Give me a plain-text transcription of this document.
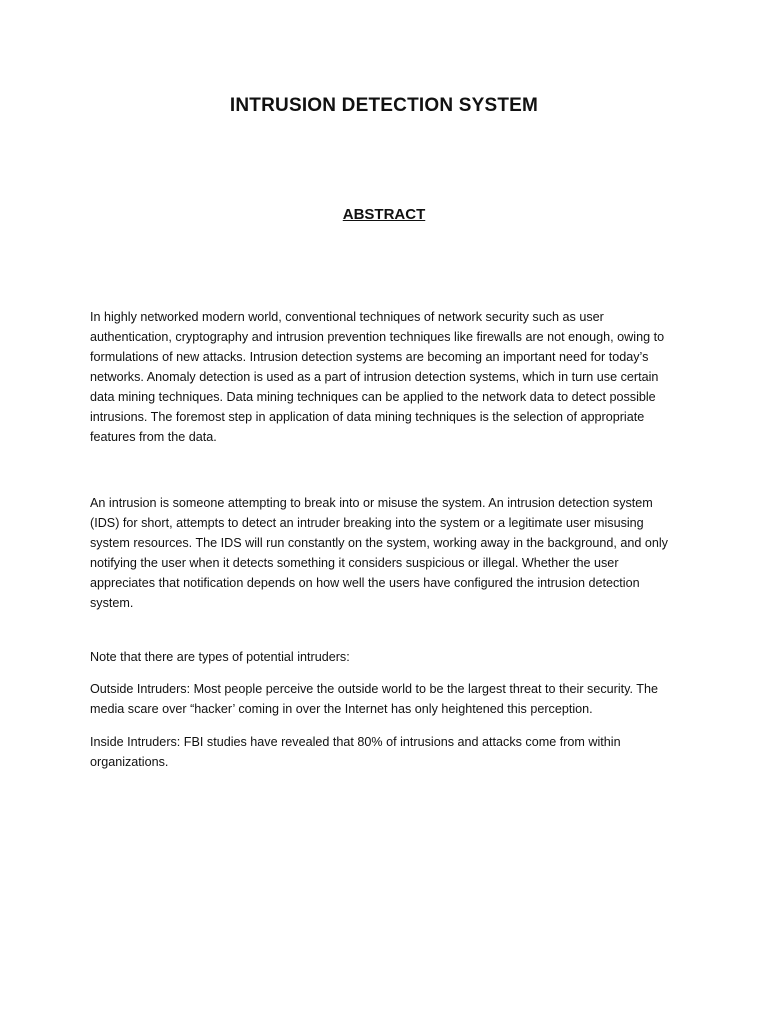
INTRUSION DETECTION SYSTEM
ABSTRACT

In highly networked modern world, conventional techniques of network security such as user authentication, cryptography and intrusion prevention techniques like firewalls are not enough, owing to formulations of new attacks. Intrusion detection systems are becoming an important need for today’s networks. Anomaly detection is used as a part of intrusion detection systems, which in turn use certain data mining techniques. Data mining techniques can be applied to the network data to detect possible intrusions. The foremost step in application of data mining techniques is the selection of appropriate features from the data.

An intrusion is someone attempting to break into or misuse the system. An intrusion detection system (IDS) for short, attempts to detect an intruder breaking into the system or a legitimate user misusing system resources. The IDS will run constantly on the system, working away in the background, and only notifying the user when it detects something it considers suspicious or illegal. Whether the user appreciates that notification depends on how well the users have configured the intrusion detection system.

Note that there are types of potential intruders:

Outside Intruders: Most people perceive the outside world to be the largest threat to their security. The media scare over “hacker’ coming in over the Internet has only heightened this perception.

Inside Intruders: FBI studies have revealed that 80% of intrusions and attacks come from within organizations.
